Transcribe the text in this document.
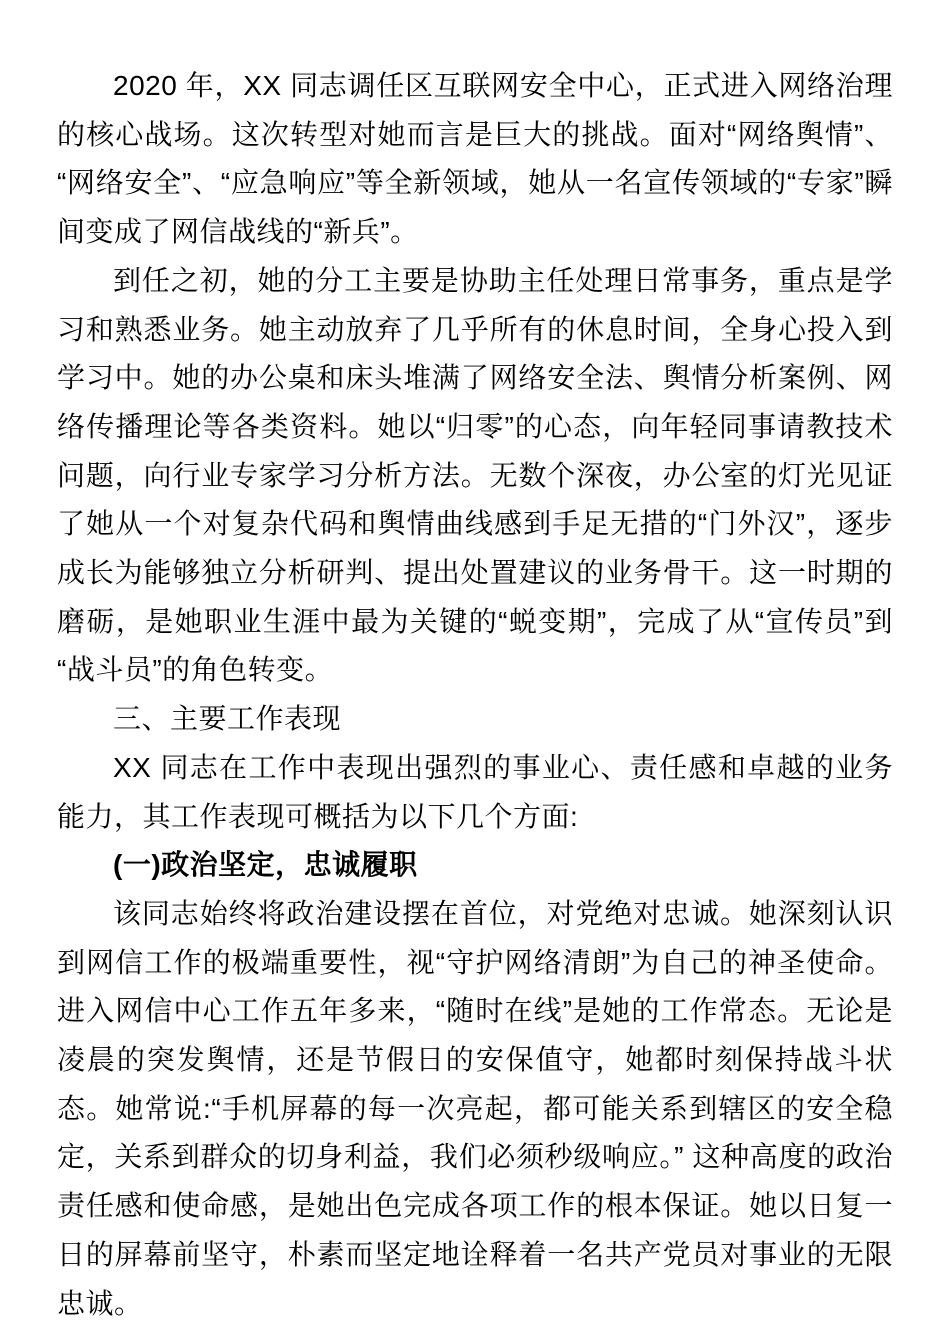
2020 年，XX 同志调任区互联网安全中心，正式进入网络治理的核心战场。这次转型对她而言是巨大的挑战。面对“网络舆情”、“网络安全”、“应急响应”等全新领域，她从一名宣传领域的“专家”瞬间变成了网信战线的“新兵”。

到任之初，她的分工主要是协助主任处理日常事务，重点是学习和熟悉业务。她主动放弃了几乎所有的休息时间，全身心投入到学习中。她的办公桌和床头堆满了网络安全法、舆情分析案例、网络传播理论等各类资料。她以“归零”的心态，向年轻同事请教技术问题，向行业专家学习分析方法。无数个深夜，办公室的灯光见证了她从一个对复杂代码和舆情曲线感到手足无措的“门外汉”，逐步成长为能够独立分析研判、提出处置建议的业务骨干。这一时期的磨砺，是她职业生涯中最为关键的“蜕变期”，完成了从“宣传员”到“战斗员”的角色转变。

三、主要工作表现

XX 同志在工作中表现出强烈的事业心、责任感和卓越的业务能力，其工作表现可概括为以下几个方面:

(一)政治坚定，忠诚履职

该同志始终将政治建设摆在首位，对党绝对忠诚。她深刻认识到网信工作的极端重要性，视“守护网络清朗”为自己的神圣使命。进入网信中心工作五年多来，“随时在线”是她的工作常态。无论是凌晨的突发舆情，还是节假日的安保值守，她都时刻保持战斗状态。她常说:“手机屏幕的每一次亮起，都可能关系到辖区的安全稳定，关系到群众的切身利益，我们必须秒级响应。” 这种高度的政治责任感和使命感，是她出色完成各项工作的根本保证。她以日复一日的屏幕前坚守，朴素而坚定地诠释着一名共产党员对事业的无限忠诚。
